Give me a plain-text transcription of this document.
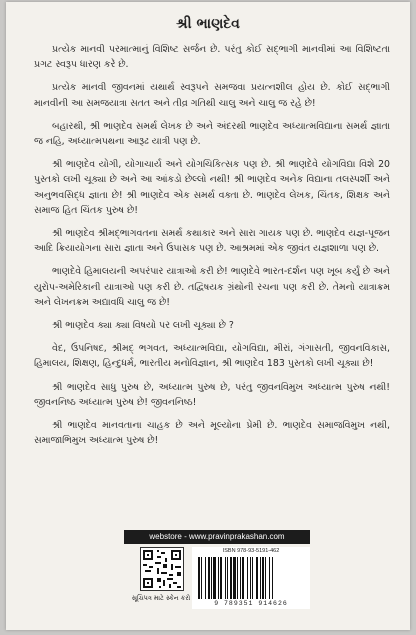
શ્રી ભાણદેવ

પ્રત્યેક માનવી પરમાત્માનું વિશિષ્ટ સર્જન છે. પરંતુ કોઈ સદ્‌ભાગી માનવીમાં આ વિશિષ્ટતા પ્રગટ સ્વરૂપ ધારણ કરે છે.

પ્રત્યેક માનવી જીવનમાં યથાર્થ સ્વરૂપને સમજવા પ્રયત્નશીલ હોય છે. કોઈ સદ્‌ભાગી માનવીની આ સમજયાત્રા સતત અને તીવ્ર ગતિથી ચાલુ અને ચાલુ જ રહે છે!

બહારથી, શ્રી ભાણદેવ સમર્થ લેખક છે અને અંદરથી ભાણદેવ અધ્યાત્મવિદ્યાના સમર્થ જ્ઞાતા જ નહિ, અધ્યાત્મપથના આરૂઢ યાત્રી પણ છે.

શ્રી ભાણદેવ યોગી, યોગાચાર્ય અને યોગચિકિત્સક પણ છે. શ્રી ભાણદેવે યોગવિદ્યા વિશે 20 પુસ્તકો લખી ચૂક્યા છે અને આ આંકડો છેલ્લો નથી! શ્રી ભાણદેવ અનેક વિદ્યાના તલસ્પર્શી અને અનુભવસિદ્ધ જ્ઞાતા છે! શ્રી ભાણદેવ એક સમર્થ વક્તા છે. ભાણદેવ લેખક, ચિંતક, શિક્ષક અને સમાજ હિત ચિંતક પુરુષ છે!

શ્રી ભાણદેવ શ્રીમદ્‌ભાગવતના સમર્થ કથાકાર અને સારા ગાયક પણ છે. ભાણદેવ યજ્ઞ-પૂજન આદિ ક્રિયાયોગના સારા જ્ઞાતા અને ઉપાસક પણ છે. આશ્રમમાં એક જીવંત યજ્ઞશાળા પણ છે.

ભાણદેવે હિમાલયની અપરંપાર યાત્રાઓ કરી છે! ભાણદેવે ભારત-દર્શન પણ ખૂબ કર્યું છે અને યુરોપ-અમેરિકાની યાત્રાઓ પણ કરી છે. તદ્વિષયક ગ્રંથોની રચના પણ કરી છે. તેમનો યાત્રાક્રમ અને લેખનક્રમ અદ્યાવધિ ચાલુ જ છે!

શ્રી ભાણદેવ ક્યા ક્યા વિષયો પર લખી ચૂક્યા છે ?

વેદ, ઉપનિષદ, શ્રીમદ્‌ ભગવત, અધ્યાત્મવિદ્યા, યોગવિદ્યા, મીરાં, ગંગાસતી, જીવનવિકાસ, હિમાલય, શિક્ષણ, હિન્દુધર્મ, ભારતીય મનોવિજ્ઞાન, શ્રી ભાણદેવ 183 પુસ્તકો લખી ચૂક્યા છે!

શ્રી ભાણદેવ સાધુ પુરુષ છે, અધ્યાત્મ પુરુષ છે, પરંતુ જીવનવિમુખ અધ્યાત્મ પુરુષ નથી! જીવનનિષ્ઠ અધ્યાત્મ પુરુષ છે! જીવનનિષ્ઠ!

શ્રી ભાણદેવ માનવતાના ચાહક છે અને મૂલ્યોના પ્રેમી છે. ભાણદેવ સમાજવિમુખ નથી, સમાજાભિમુખ અધ્યાત્મ પુરુષ છે!

webstore - www.pravinprakashan.com
સૂચિપત્ર માટે સ્કેન કરો
ISBN 978-93-5191-462
9 789351 914626
